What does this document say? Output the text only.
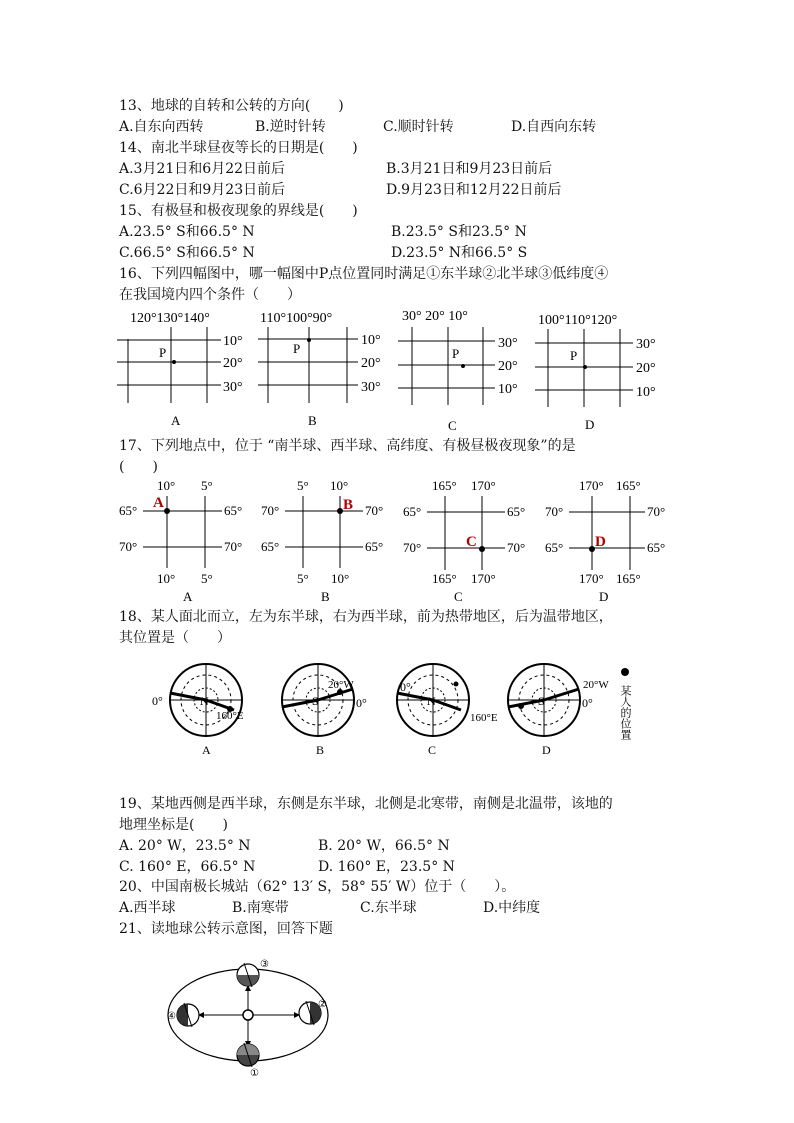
13、地球的自转和公转的方向(　　)
A.自东向西转	B.逆时针转	C.顺时针转	D.自西向东转
14、南北半球昼夜等长的日期是(　　)
A.3月21日和6月22日前后	B.3月21日和9月23日前后
C.6月22日和9月23日前后	D.9月23日和12月22日前后
15、有极昼和极夜现象的界线是(　　)
A.23.5° S和66.5° N	B.23.5° S和23.5° N
C.66.5° S和66.5° N	D.23.5° N和66.5° S
16、下列四幅图中，哪一幅图中P点位置同时满足①东半球②北半球③低纬度④
在我国境内四个条件（　　）
120°130°140°
10°
20°
30°
P
A
110°100°90°
10°
20°
30°
P
B
30° 20° 10°
30°
20°
10°
P
C
100°110°120°
30°
20°
10°
P
D
17、下列地点中，位于 “南半球、西半球、高纬度、有极昼极夜现象”的是
(　　)
10° 5°
65°
70°
65°
70°
10° 5°
A
A
5° 10°
70°
65°
70°
65°
5° 10°
B
B
165° 170°
65°
70°
65°
70°
165° 170°
C
C
170° 165°
70°
65°
70°
65°
170° 165°
D
D
18、某人面北而立，左为东半球，右为西半球，前为热带地区，后为温带地区，
其位置是（　　）
N
0°
160°E
A
S
20°W
0°
B
N
0°
160°E
C
S
20°W
0°
D
某人的位置
19、某地西侧是西半球，东侧是东半球，北侧是北寒带，南侧是北温带，该地的
地理坐标是(　　)
A. 20° W，23.5° N	B. 20° W，66.5° N
C. 160° E，66.5° N	D. 160° E，23.5° N
20、中国南极长城站（62° 13′ S，58° 55′ W）位于（　　）。
A.西半球	B.南寒带	C.东半球	D.中纬度
21、读地球公转示意图，回答下题
③
①
④
②
